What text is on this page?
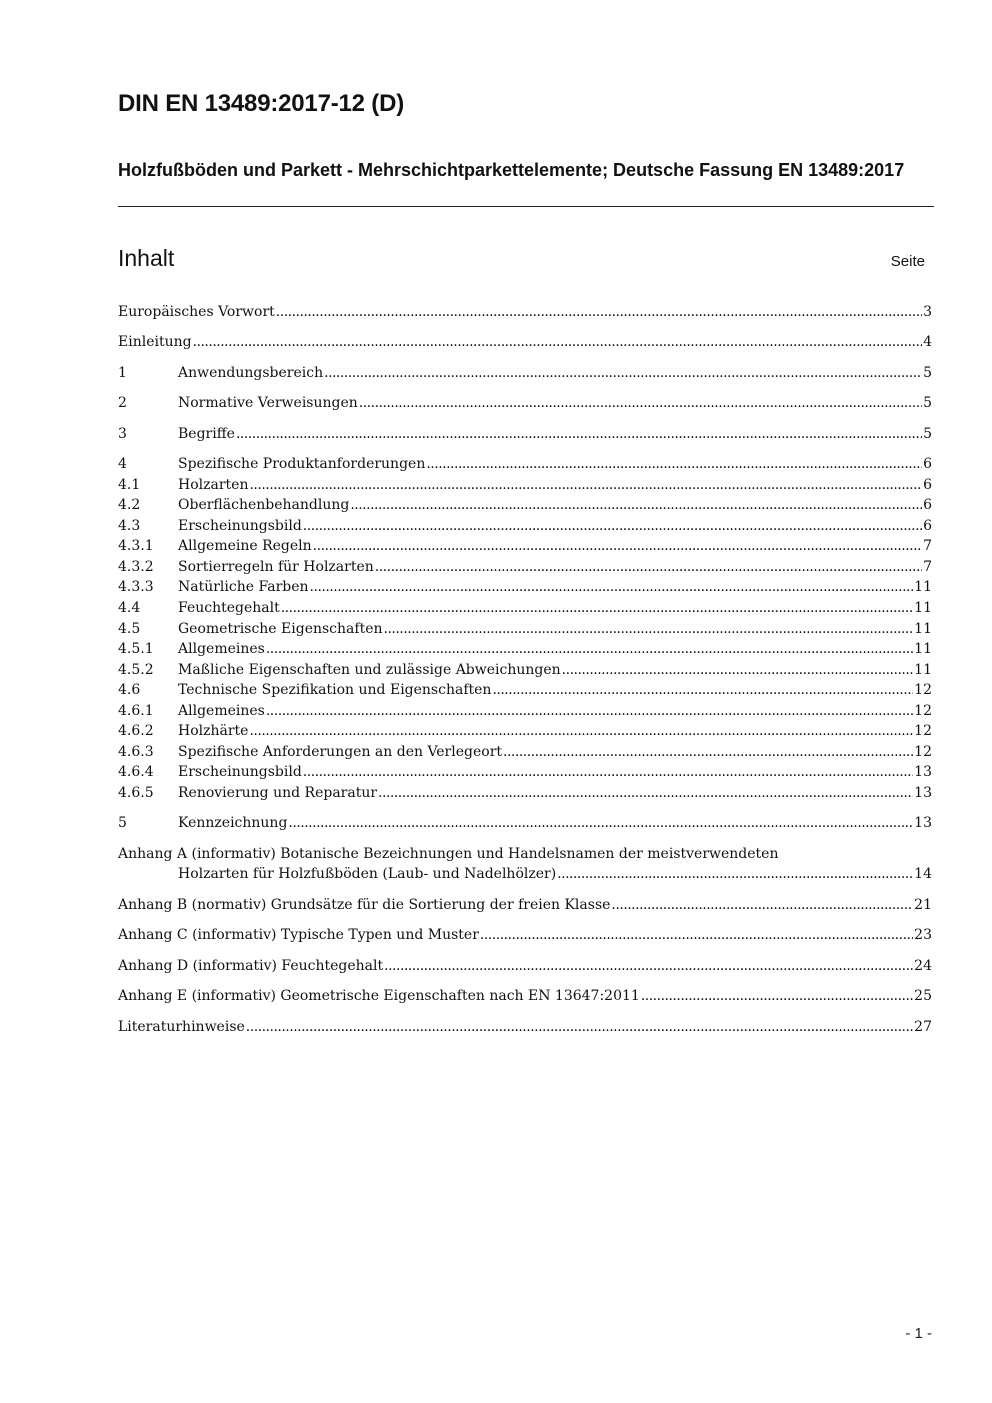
DIN EN 13489:2017-12 (D)
Holzfußböden und Parkett - Mehrschichtparkettelemente; Deutsche Fassung EN 13489:2017
Inhalt	Seite
Europäisches Vorwort .....	3
Einleitung .....	4
1	Anwendungsbereich .....	5
2	Normative Verweisungen .....	5
3	Begriffe .....	5
4	Spezifische Produktanforderungen .....	6
4.1	Holzarten .....	6
4.2	Oberflächenbehandlung .....	6
4.3	Erscheinungsbild .....	6
4.3.1	Allgemeine Regeln .....	7
4.3.2	Sortierregeln für Holzarten .....	7
4.3.3	Natürliche Farben .....	11
4.4	Feuchtegehalt .....	11
4.5	Geometrische Eigenschaften .....	11
4.5.1	Allgemeines .....	11
4.5.2	Maßliche Eigenschaften und zulässige Abweichungen .....	11
4.6	Technische Spezifikation und Eigenschaften .....	12
4.6.1	Allgemeines .....	12
4.6.2	Holzhärte .....	12
4.6.3	Spezifische Anforderungen an den Verlegeort .....	12
4.6.4	Erscheinungsbild .....	13
4.6.5	Renovierung und Reparatur .....	13
5	Kennzeichnung .....	13
Anhang A (informativ) Botanische Bezeichnungen und Handelsnamen der meistverwendeten
Holzarten für Holzfußböden (Laub- und Nadelhölzer) .....	14
Anhang B (normativ) Grundsätze für die Sortierung der freien Klasse .....	21
Anhang C (informativ) Typische Typen und Muster .....	23
Anhang D (informativ) Feuchtegehalt .....	24
Anhang E (informativ) Geometrische Eigenschaften nach EN 13647:2011 .....	25
Literaturhinweise .....	27
- 1 -
